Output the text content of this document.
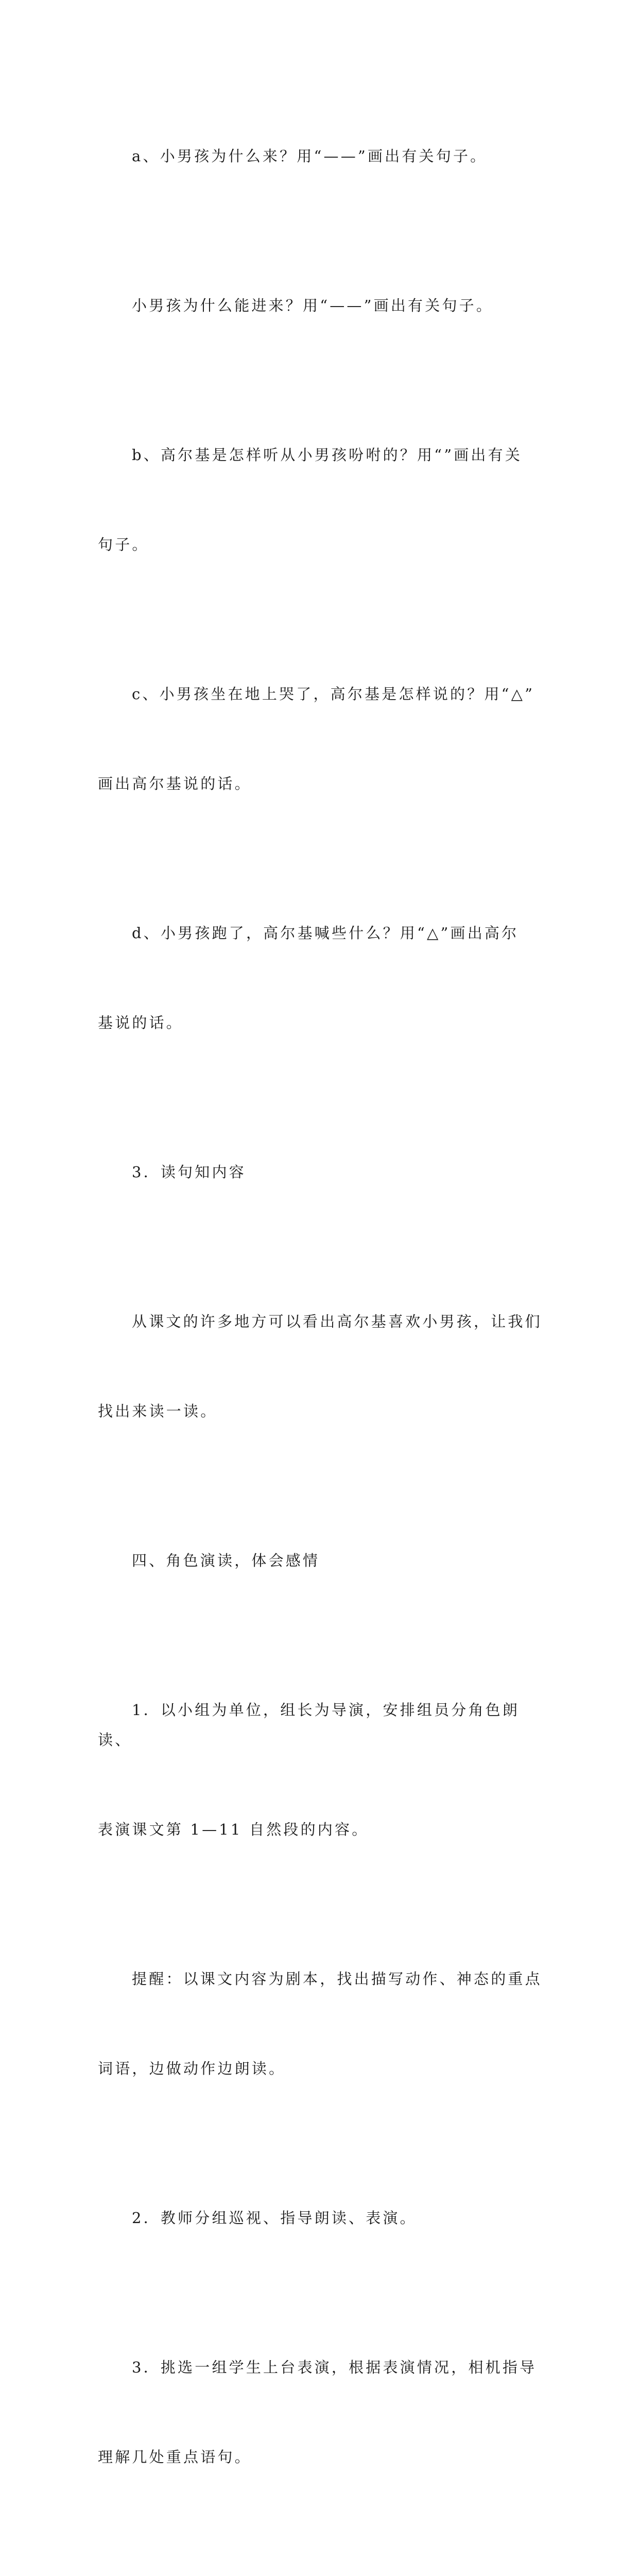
a、小男孩为什么来？用“——”画出有关句子。

小男孩为什么能进来？用“——”画出有关句子。

b、高尔基是怎样听从小男孩吩咐的？用“”画出有关

句子。

c、小男孩坐在地上哭了，高尔基是怎样说的？用“△”

画出高尔基说的话。

d、小男孩跑了，高尔基喊些什么？用“△”画出高尔

基说的话。

3．读句知内容

从课文的许多地方可以看出高尔基喜欢小男孩，让我们

找出来读一读。

四、角色演读，体会感情

1．以小组为单位，组长为导演，安排组员分角色朗读、

表演课文第 1—11 自然段的内容。

提醒：以课文内容为剧本，找出描写动作、神态的重点

词语，边做动作边朗读。

2．教师分组巡视、指导朗读、表演。

3．挑选一组学生上台表演，根据表演情况，相机指导

理解几处重点语句。
